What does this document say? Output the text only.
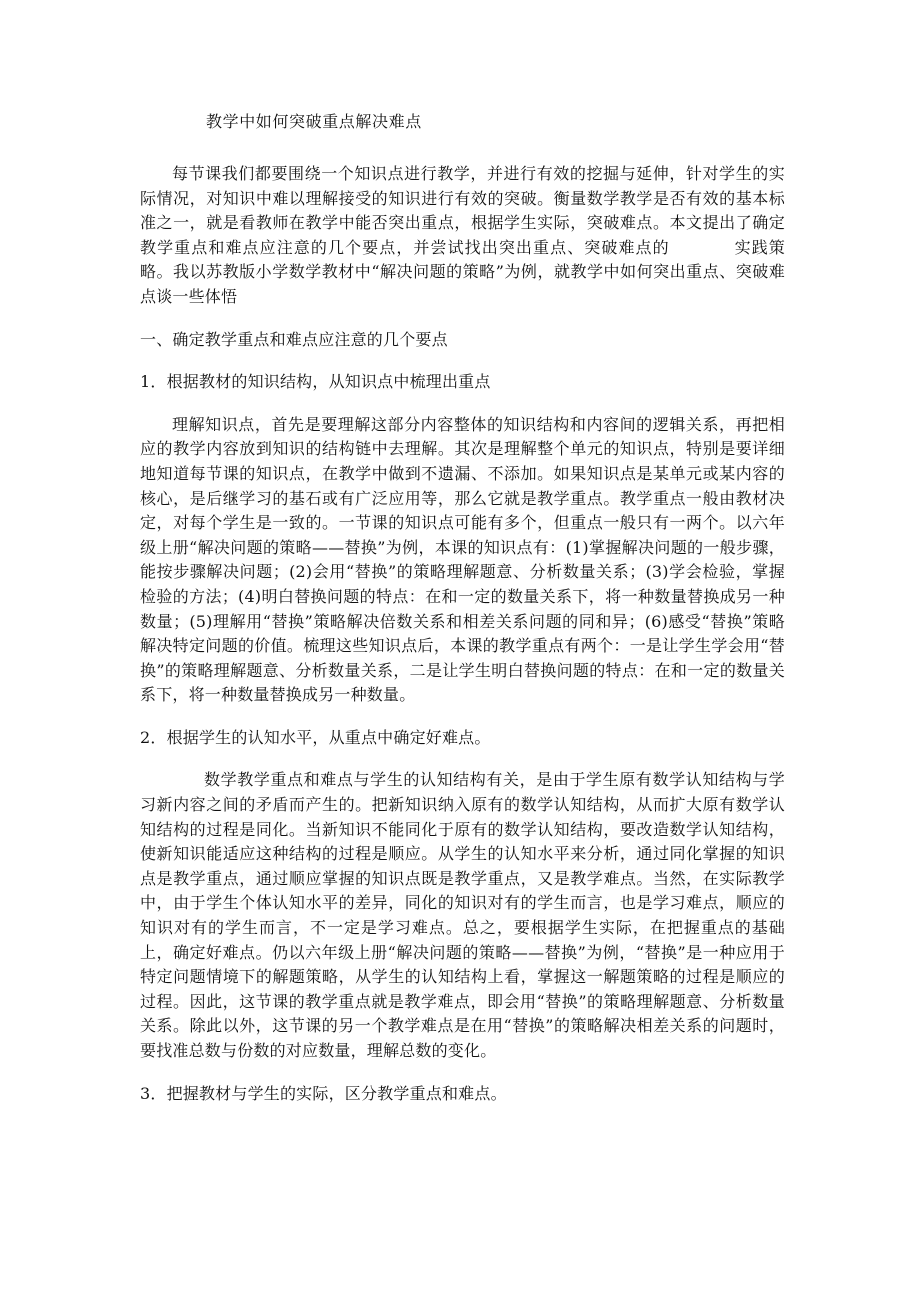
教学中如何突破重点解决难点

每节课我们都要围绕一个知识点进行教学，并进行有效的挖掘与延伸，针对学生的实际情况，对知识中难以理解接受的知识进行有效的突破。衡量数学教学是否有效的基本标准之一，就是看教师在教学中能否突出重点，根据学生实际，突破难点。本文提出了确定教学重点和难点应注意的几个要点，并尝试找出突出重点、突破难点的	实践策略。我以苏教版小学数学教材中“解决问题的策略”为例，就教学中如何突出重点、突破难点谈一些体悟

一、确定教学重点和难点应注意的几个要点
1．根据教材的知识结构，从知识点中梳理出重点

理解知识点，首先是要理解这部分内容整体的知识结构和内容间的逻辑关系，再把相应的教学内容放到知识的结构链中去理解。其次是理解整个单元的知识点，特别是要详细地知道每节课的知识点，在教学中做到不遗漏、不添加。如果知识点是某单元或某内容的核心，是后继学习的基石或有广泛应用等，那么它就是教学重点。教学重点一般由教材决定，对每个学生是一致的。一节课的知识点可能有多个，但重点一般只有一两个。以六年级上册“解决问题的策略——替换”为例，本课的知识点有：(1)掌握解决问题的一般步骤，能按步骤解决问题；(2)会用“替换”的策略理解题意、分析数量关系；(3)学会检验，掌握检验的方法；(4)明白替换问题的特点：在和一定的数量关系下，将一种数量替换成另一种数量；(5)理解用“替换”策略解决倍数关系和相差关系问题的同和异；(6)感受“替换”策略解决特定问题的价值。梳理这些知识点后，本课的教学重点有两个：一是让学生学会用“替换”的策略理解题意、分析数量关系，二是让学生明白替换问题的特点：在和一定的数量关系下，将一种数量替换成另一种数量。

2．根据学生的认知水平，从重点中确定好难点。

数学教学重点和难点与学生的认知结构有关，是由于学生原有数学认知结构与学习新内容之间的矛盾而产生的。把新知识纳入原有的数学认知结构，从而扩大原有数学认知结构的过程是同化。当新知识不能同化于原有的数学认知结构，要改造数学认知结构，使新知识能适应这种结构的过程是顺应。从学生的认知水平来分析，通过同化掌握的知识点是教学重点，通过顺应掌握的知识点既是教学重点，又是教学难点。当然，在实际教学中，由于学生个体认知水平的差异，同化的知识对有的学生而言，也是学习难点，顺应的知识对有的学生而言，不一定是学习难点。总之，要根据学生实际，在把握重点的基础上，确定好难点。仍以六年级上册“解决问题的策略——替换”为例，“替换”是一种应用于特定问题情境下的解题策略，从学生的认知结构上看，掌握这一解题策略的过程是顺应的过程。因此，这节课的教学重点就是教学难点，即会用“替换”的策略理解题意、分析数量关系。除此以外，这节课的另一个教学难点是在用“替换”的策略解决相差关系的问题时，要找准总数与份数的对应数量，理解总数的变化。

3．把握教材与学生的实际，区分教学重点和难点。
